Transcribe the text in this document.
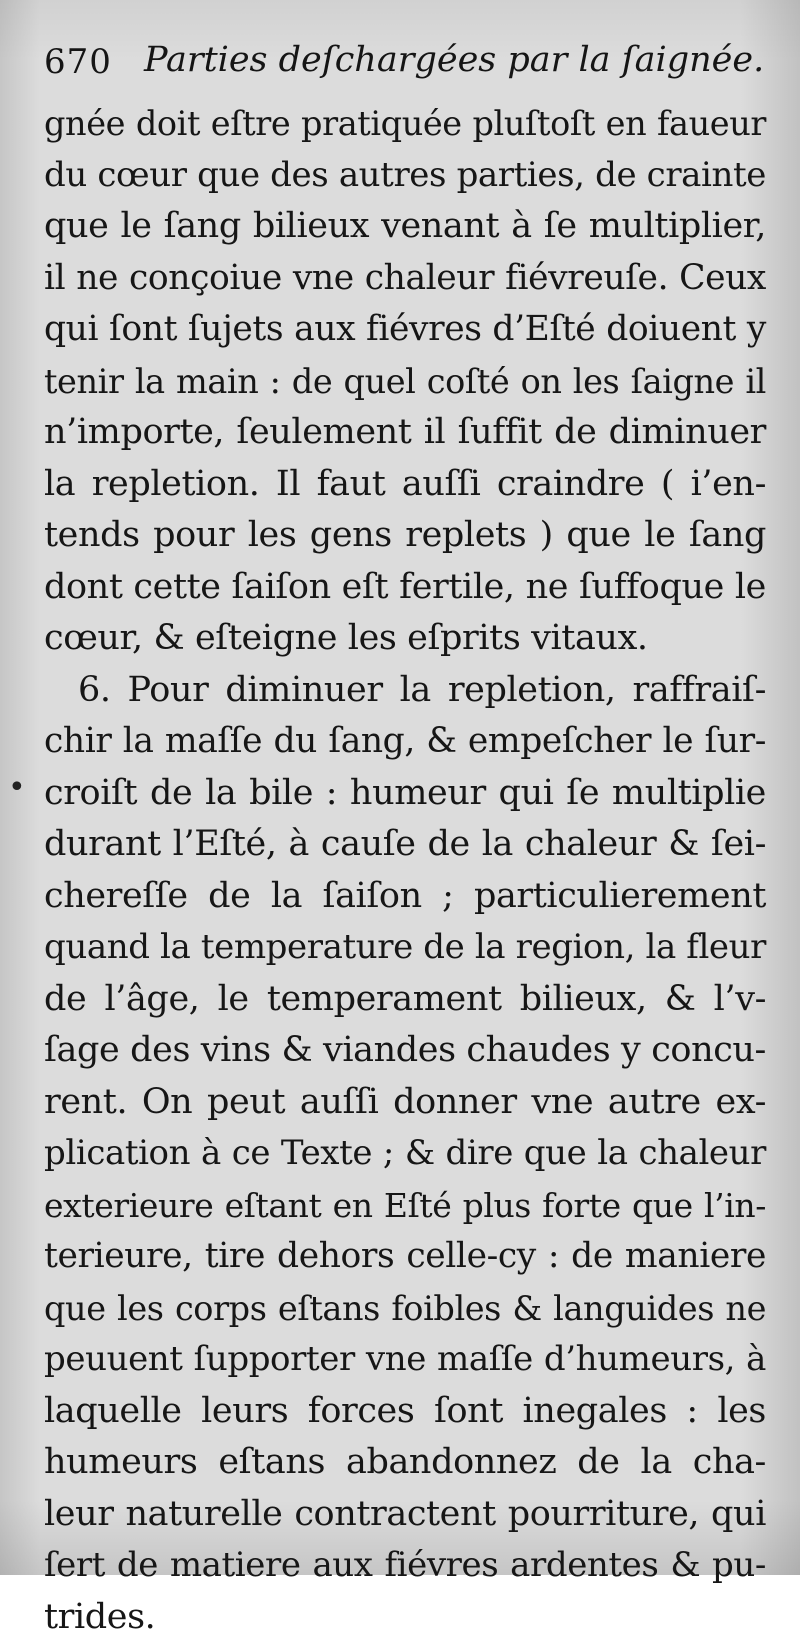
670 Parties deſchargées par la ſaignée.
•
gnée doit eſtre pratiquée pluſtoſt en faueur
du cœur que des autres parties, de crainte
que le ſang bilieux venant à ſe multiplier,
il ne conçoiue vne chaleur fiévreuſe. Ceux
qui ſont ſujets aux fiévres d’Eſté doiuent y
tenir la main : de quel coſté on les ſaigne il
n’importe, ſeulement il ſuffit de diminuer
la repletion. Il faut auſſi craindre ( i’en-
tends pour les gens replets ) que le ſang
dont cette ſaiſon eſt fertile, ne ſuffoque le
cœur, & eſteigne les eſprits vitaux.
6. Pour diminuer la repletion, raffraiſ-
chir la maſſe du ſang, & empeſcher le ſur-
croiſt de la bile : humeur qui ſe multiplie
durant l’Eſté, à cauſe de la chaleur & ſei-
chereſſe de la ſaiſon ; particulierement
quand la temperature de la region, la fleur
de l’âge, le temperament bilieux, & l’v-
ſage des vins & viandes chaudes y concu-
rent. On peut auſſi donner vne autre ex-
plication à ce Texte ; & dire que la chaleur
exterieure eſtant en Eſté plus forte que l’in-
terieure, tire dehors celle-cy : de maniere
que les corps eſtans foibles & languides ne
peuuent ſupporter vne maſſe d’humeurs, à
laquelle leurs forces ſont inegales : les
humeurs eſtans abandonnez de la cha-
leur naturelle contractent pourriture, qui
ſert de matiere aux fiévres ardentes & pu-
trides.
